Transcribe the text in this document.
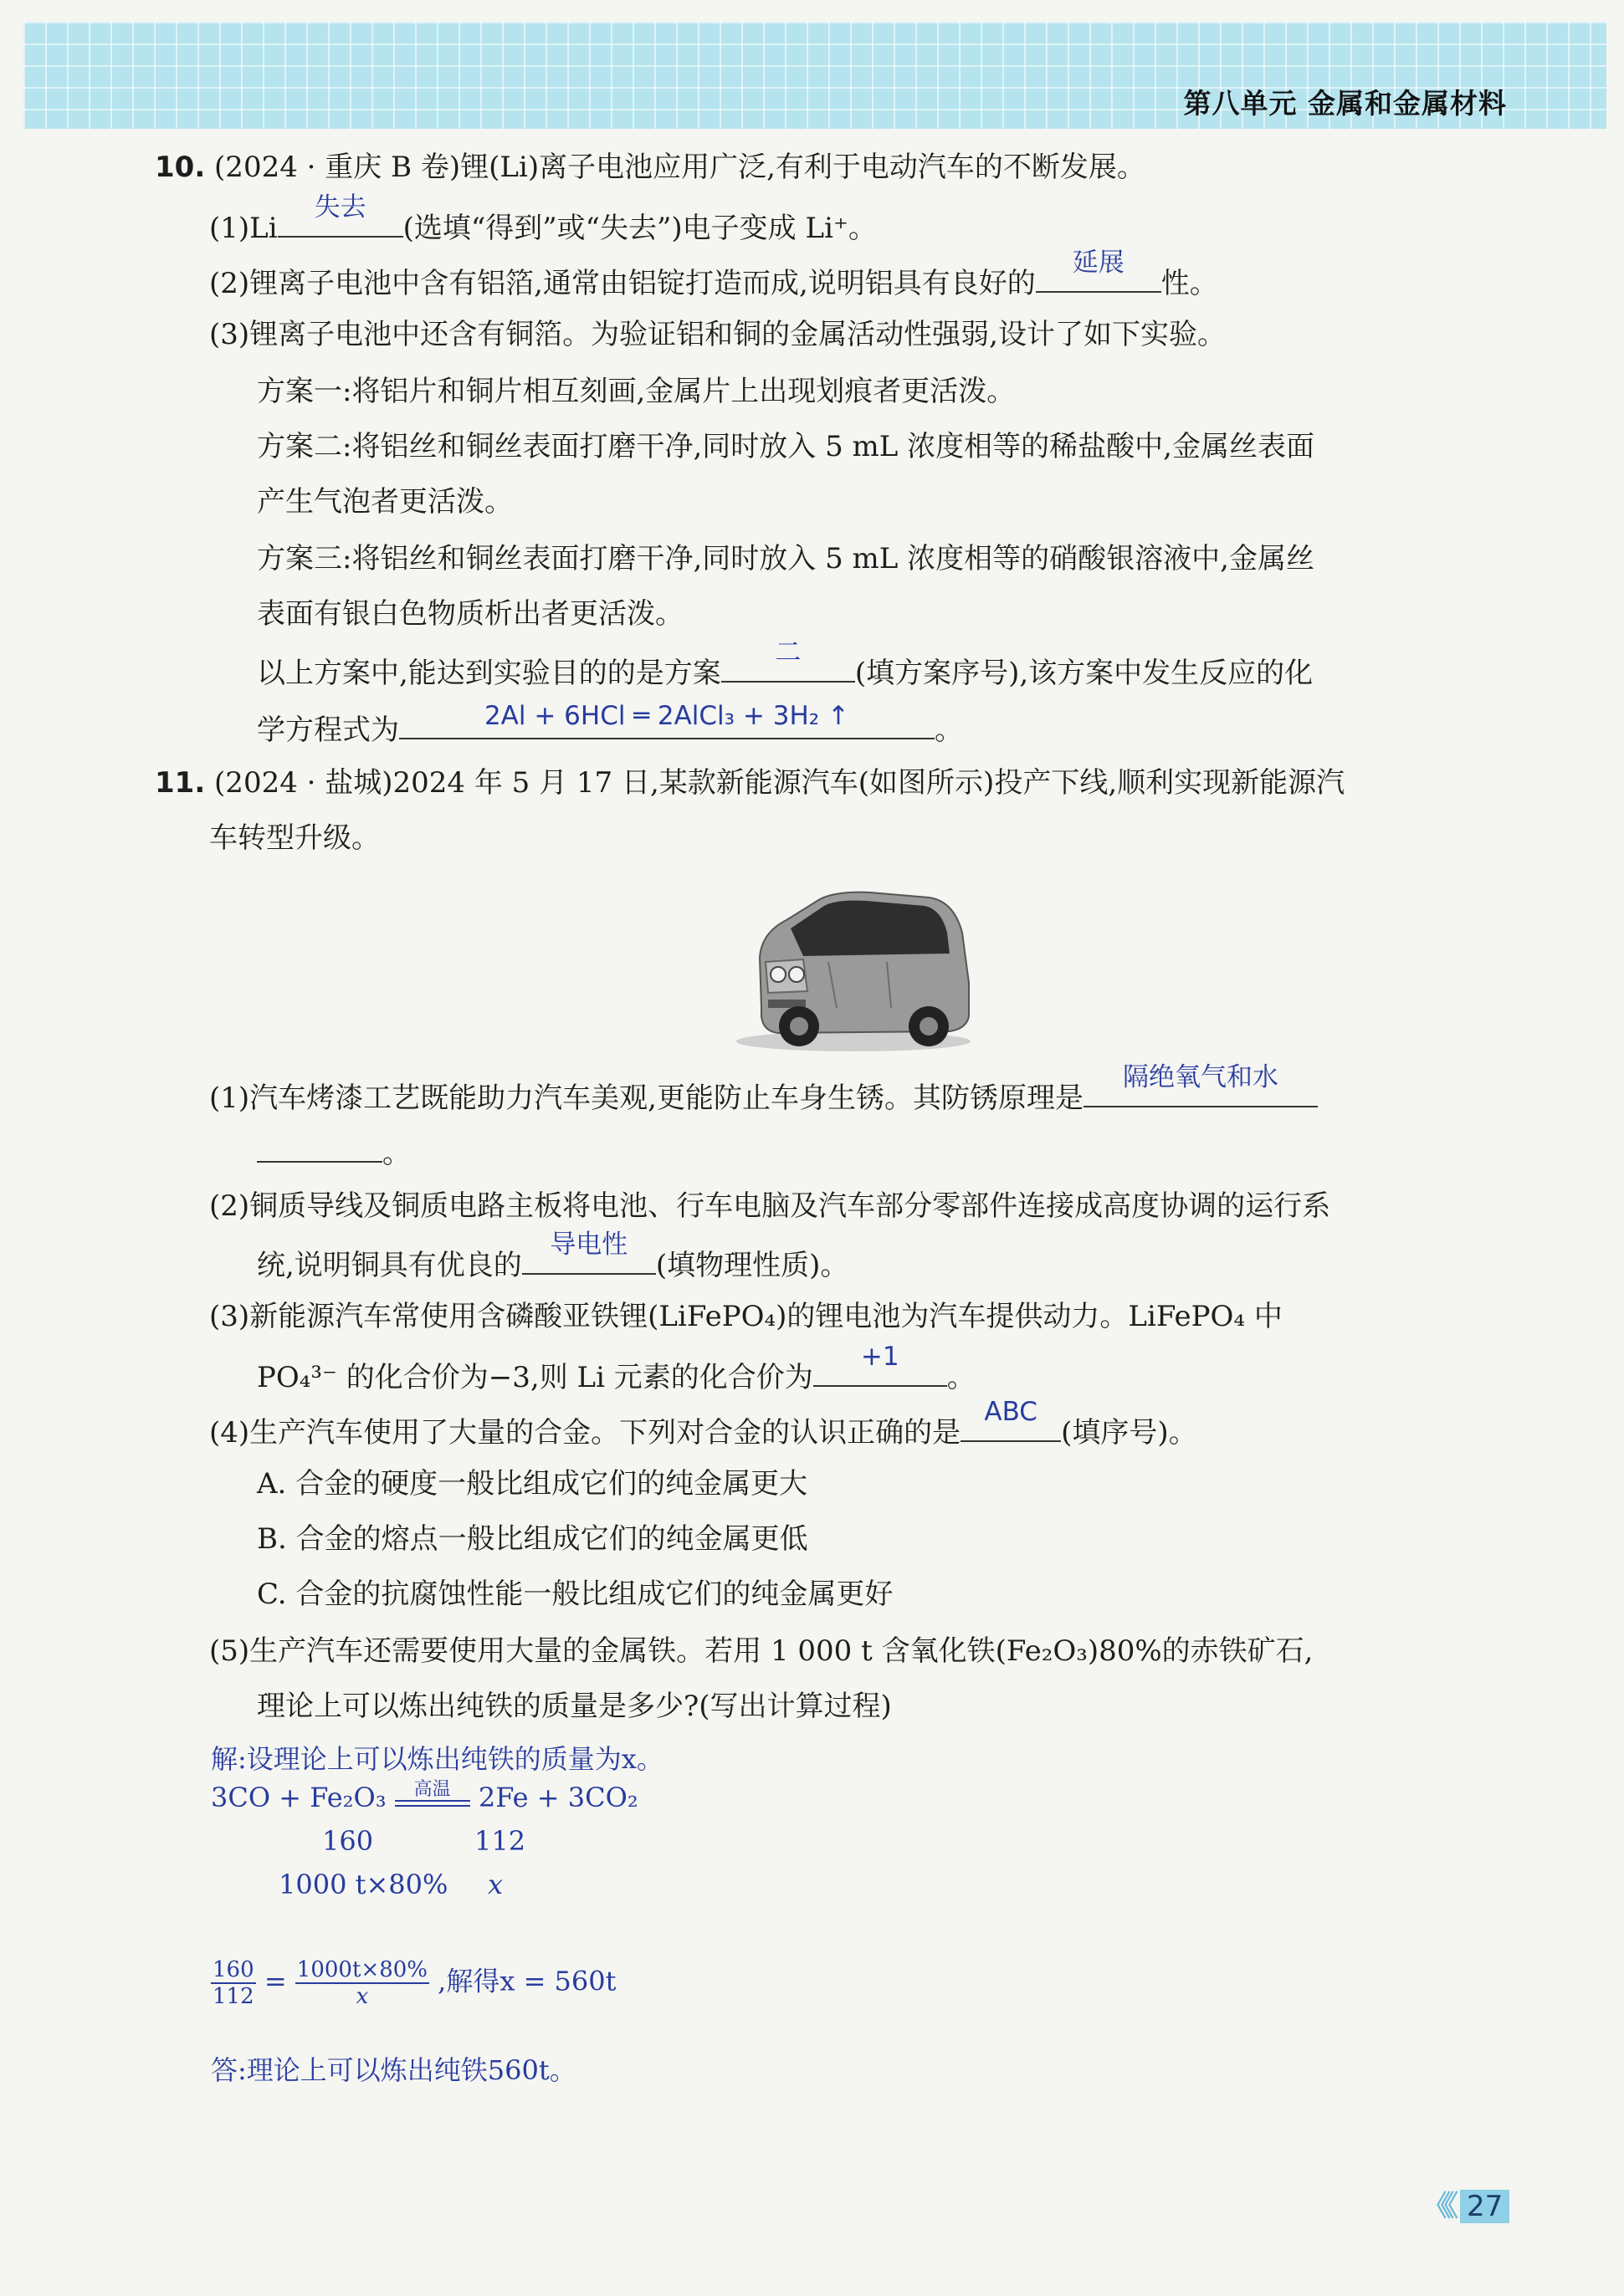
第八单元 金属和金属材料
10. (2024 · 重庆 B 卷)锂(Li)离子电池应用广泛,有利于电动汽车的不断发展。
(1)Li
失去
(选填“得到”或“失去”)电子变成 Li⁺。
(2)锂离子电池中含有铝箔,通常由铝锭打造而成,说明铝具有良好的
延展
性。
(3)锂离子电池中还含有铜箔。为验证铝和铜的金属活动性强弱,设计了如下实验。
方案一:将铝片和铜片相互刻画,金属片上出现划痕者更活泼。
方案二:将铝丝和铜丝表面打磨干净,同时放入 5 mL 浓度相等的稀盐酸中,金属丝表面
产生气泡者更活泼。
方案三:将铝丝和铜丝表面打磨干净,同时放入 5 mL 浓度相等的硝酸银溶液中,金属丝
表面有银白色物质析出者更活泼。
以上方案中,能达到实验目的的是方案
二
(填方案序号),该方案中发生反应的化
学方程式为	2Al + 6HCl ═ 2AlCl₃ + 3H₂ ↑	。
11. (2024 · 盐城)2024 年 5 月 17 日,某款新能源汽车(如图所示)投产下线,顺利实现新能源汽
车转型升级。
(1)汽车烤漆工艺既能助力汽车美观,更能防止车身生锈。其防锈原理是
隔绝氧气和水
。
(2)铜质导线及铜质电路主板将电池、行车电脑及汽车部分零部件连接成高度协调的运行系
统,说明铜具有优良的
导电性
(填物理性质)。
(3)新能源汽车常使用含磷酸亚铁锂(LiFePO₄)的锂电池为汽车提供动力。LiFePO₄ 中
PO₄³⁻ 的化合价为−3,则 Li 元素的化合价为
+1
。
(4)生产汽车使用了大量的合金。下列对合金的认识正确的是
ABC
(填序号)。
A. 合金的硬度一般比组成它们的纯金属更大
B. 合金的熔点一般比组成它们的纯金属更低
C. 合金的抗腐蚀性能一般比组成它们的纯金属更好
(5)生产汽车还需要使用大量的金属铁。若用 1 000 t 含氧化铁(Fe₂O₃)80%的赤铁矿石,
理论上可以炼出纯铁的质量是多少?(写出计算过程)
解:设理论上可以炼出纯铁的质量为x。
3CO + Fe₂O₃	高温	2Fe + 3CO₂
160	112
1000 t×80% x
$\frac{160}{112} = \frac{1000t\times 80\%}{x}$ ,解得x = 560t
答:理论上可以炼出纯铁560t。
《《 27
